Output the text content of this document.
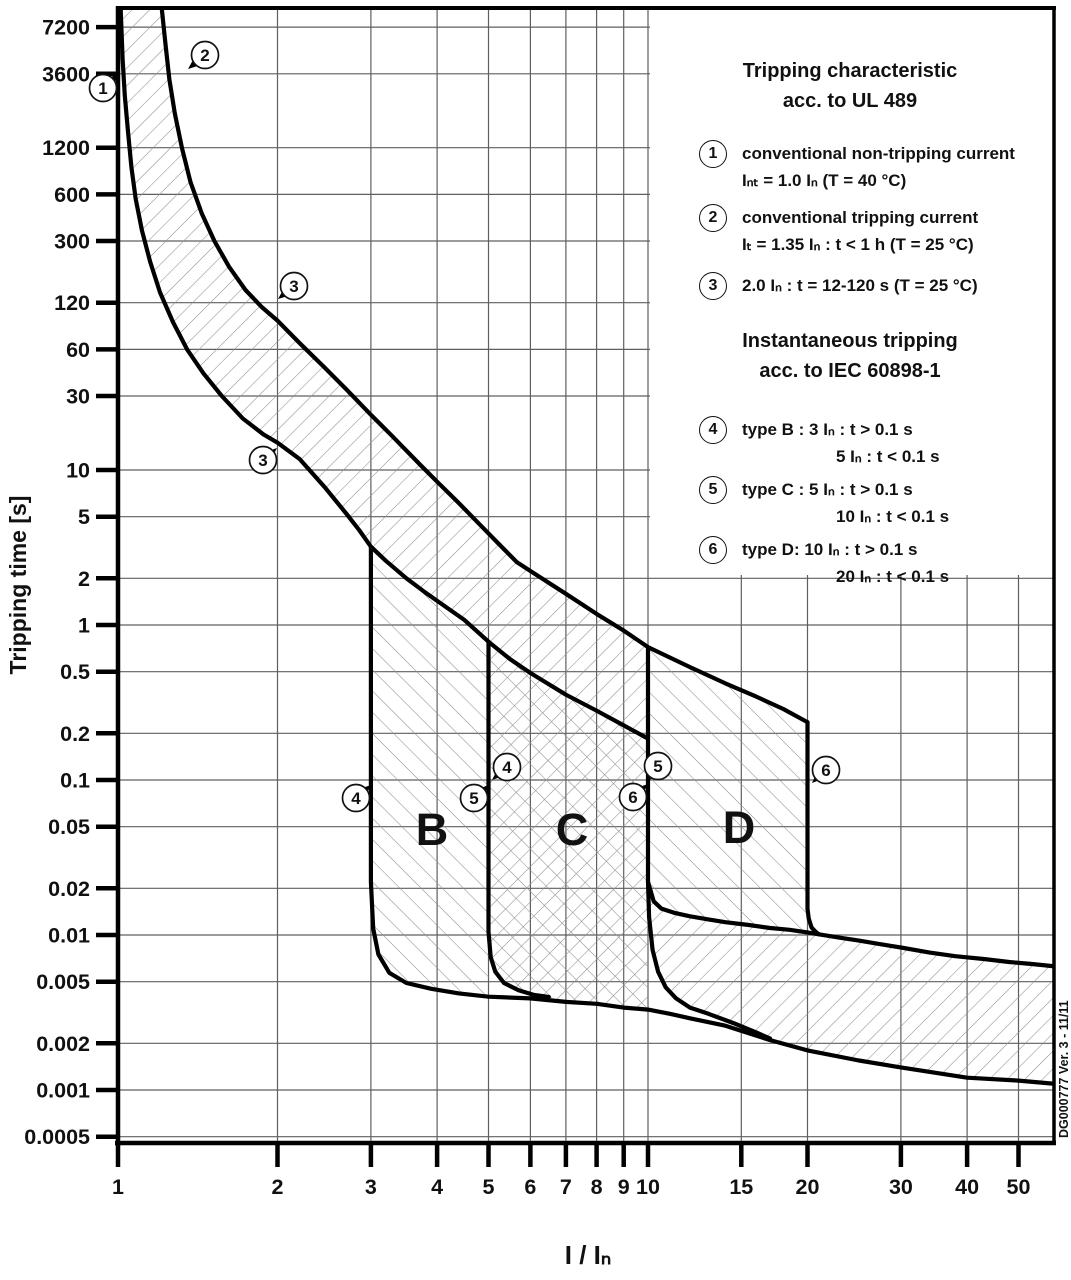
7200
3600
1200
600
300
120
60
30
10
5
2
1
0.5
0.2
0.1
0.05
0.02
0.01
0.005
0.002
0.001
0.0005
1	2	3	4 5 6 7 8 9 10	15 20	30 40 50
B C	D
1
2
3
3
4
4
5
5
6
6
Tripping time [s]
I / Iₙ
DG000777 Ver. 3 - 11/11
Tripping characteristic
acc. to UL 489
1	conventional non-tripping current
Iₙₜ = 1.0 Iₙ (T = 40 °C)
2	conventional tripping current
Iₜ = 1.35 Iₙ : t < 1 h (T = 25 °C)
3	2.0 Iₙ : t = 12-120 s (T = 25 °C)
Instantaneous tripping
acc. to IEC 60898-1
4	type B : 3 Iₙ : t > 0.1 s
5 Iₙ : t < 0.1 s
5	type C : 5 Iₙ : t > 0.1 s
10 Iₙ : t < 0.1 s
6	type D: 10 Iₙ : t > 0.1 s
20 Iₙ : t < 0.1 s
